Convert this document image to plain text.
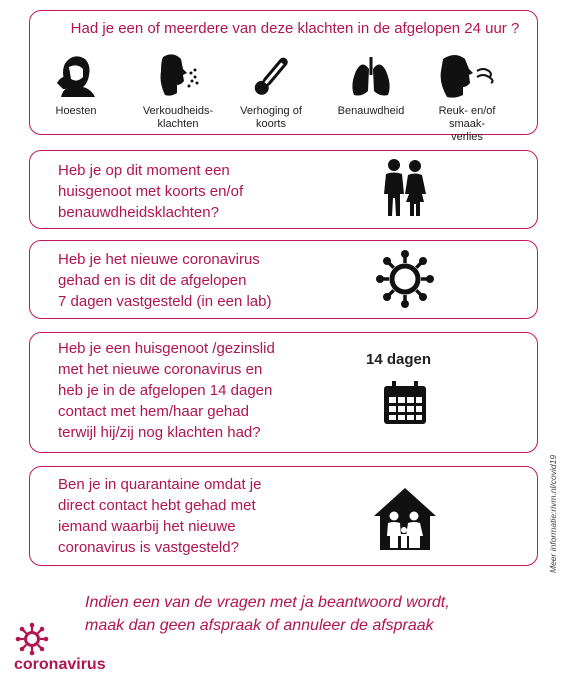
Had je een of meerdere van deze klachten in de afgelopen 24 uur ?
Hoesten	Verkoudheids-
klachten
Verhoging of
koorts
Benauwdheid	Reuk- en/of smaak-
verlies
Heb je op dit moment een
huisgenoot met koorts en/of
benauwdheidsklachten?
Heb je het nieuwe coronavirus
gehad en is dit de afgelopen
7 dagen vastgesteld (in een lab)
Heb je een huisgenoot /gezinslid
met het nieuwe coronavirus en
heb je in de afgelopen 14 dagen
contact met hem/haar gehad
terwijl hij/zij nog klachten had?
14 dagen
Ben je in quarantaine omdat je
direct contact hebt gehad met
iemand waarbij het nieuwe
coronavirus is vastgesteld?	Meer informatie:rivm.nl/covid19
Indien een van de vragen met ja beantwoord wordt,
maak dan geen afspraak of annuleer de afspraak
coronavirus
